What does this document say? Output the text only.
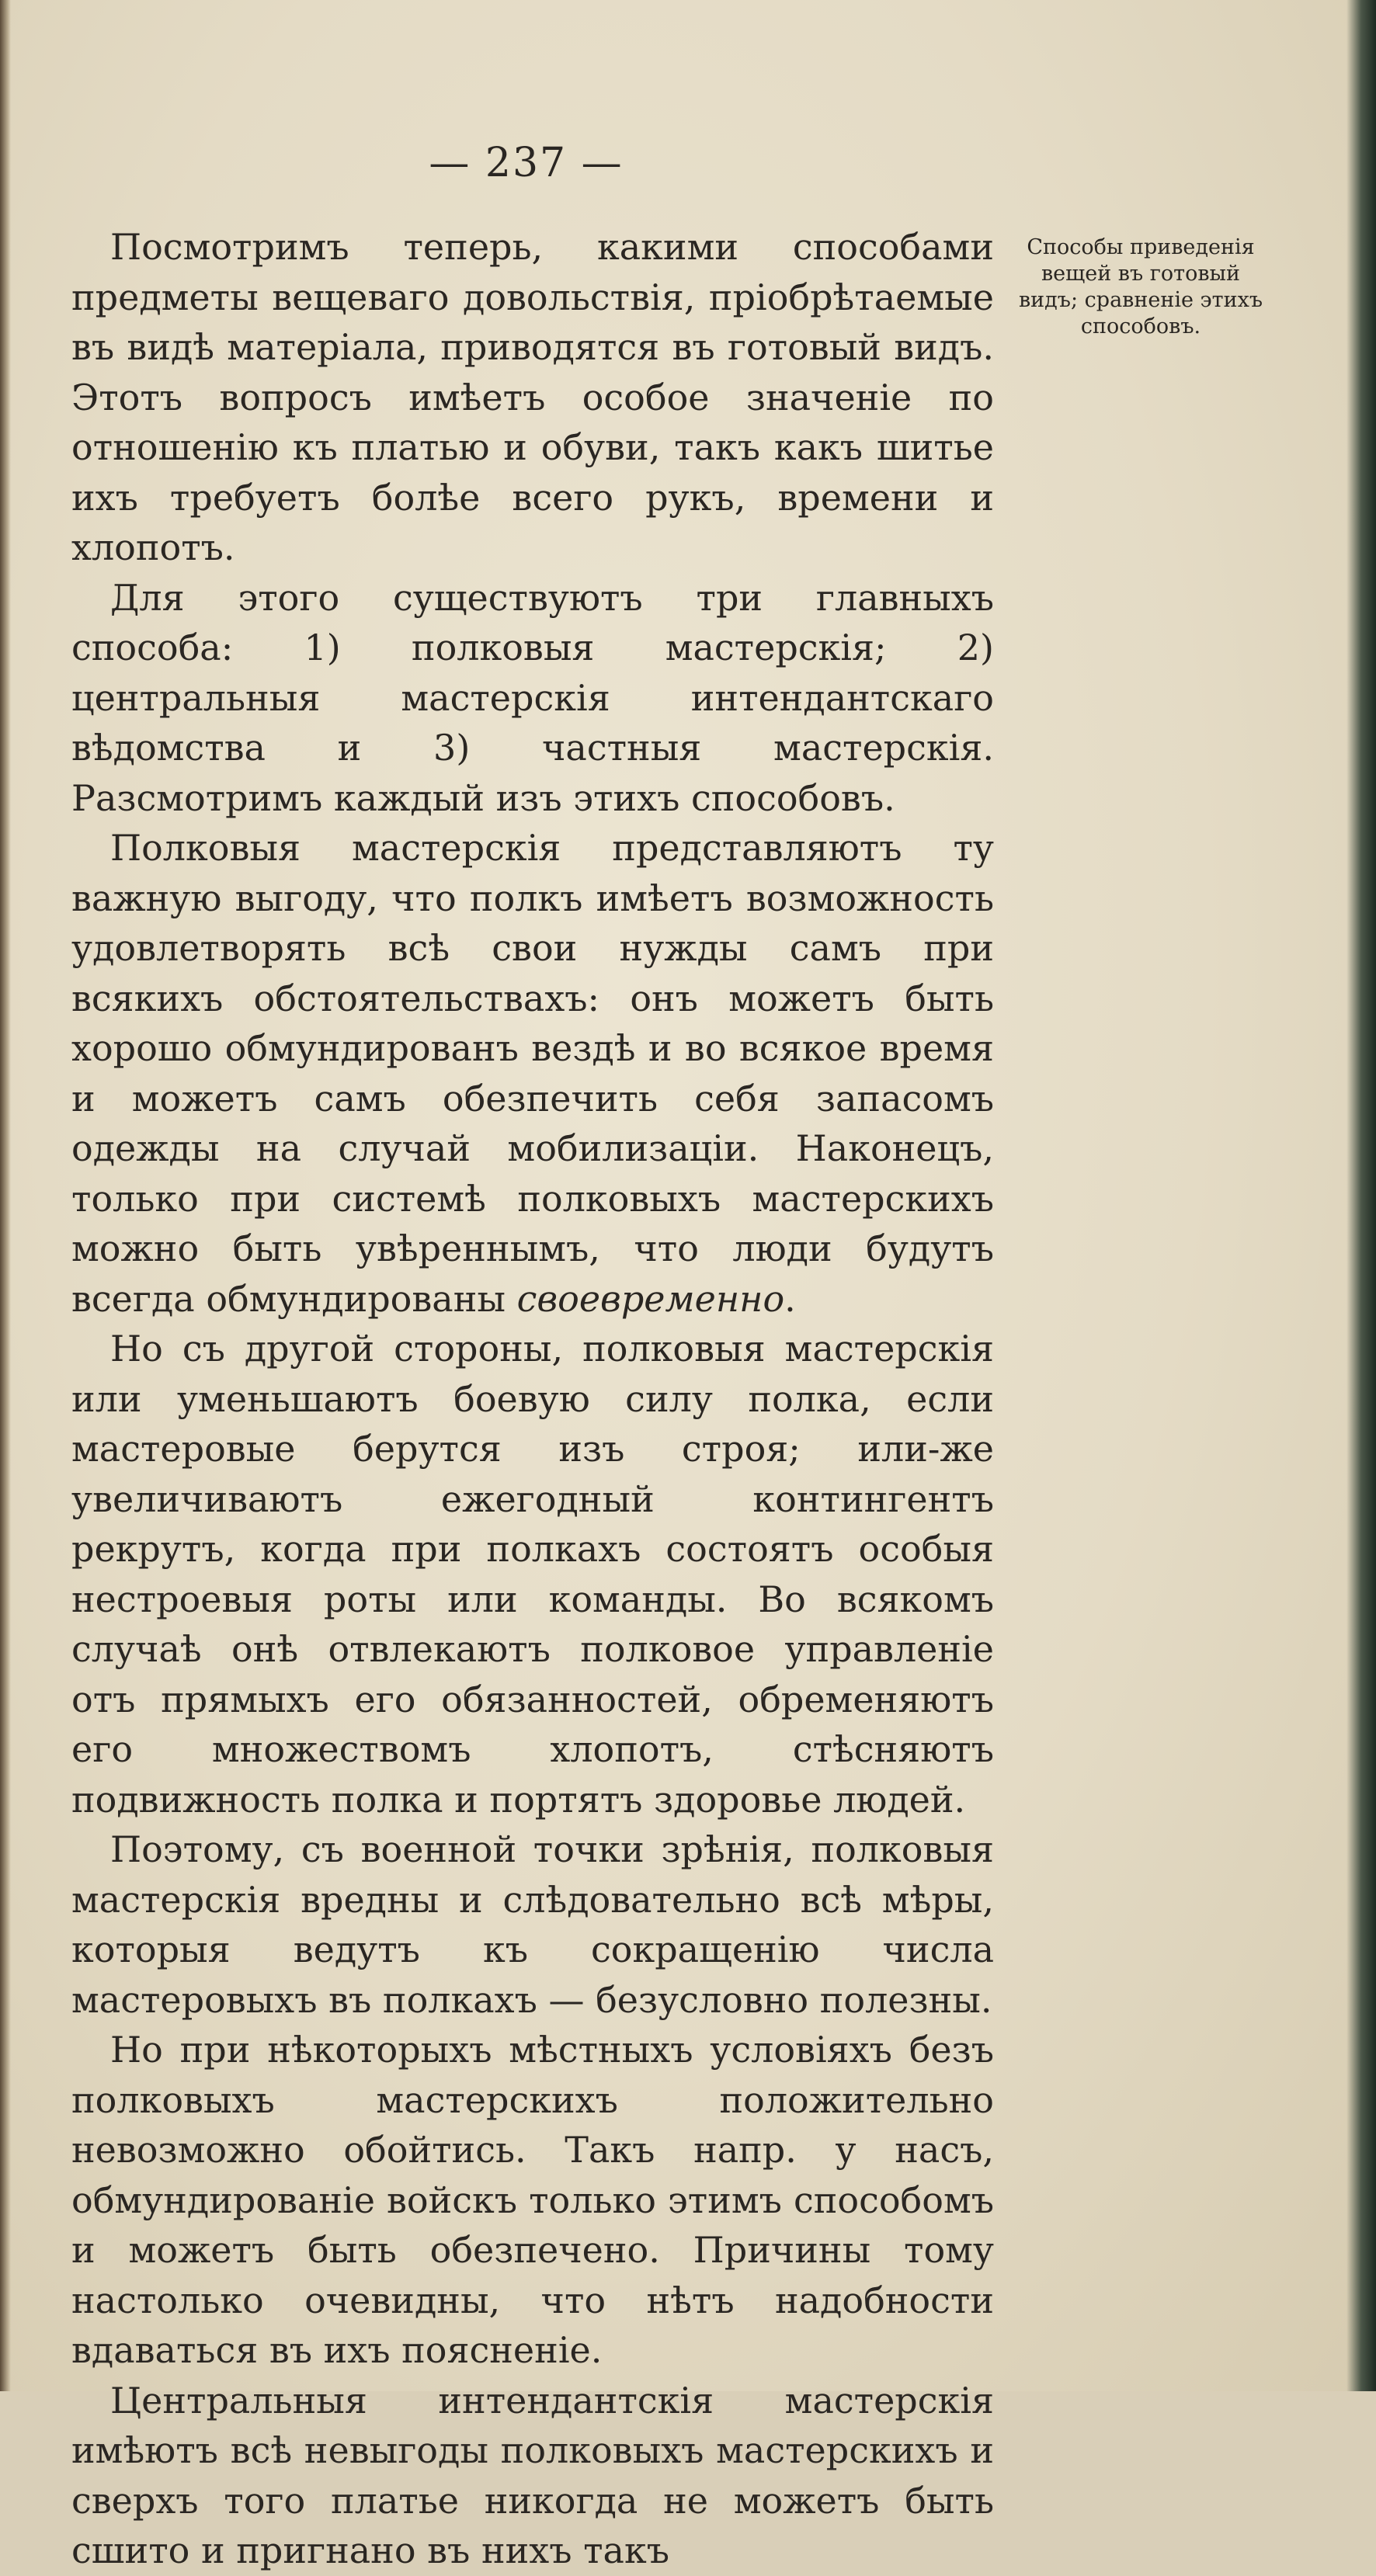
— 237 —
Способы приведенія вещей въ готовый видъ; сравненіе этихъ способовъ.

Посмотримъ теперь, какими способами предметы вещеваго довольствія, пріобрѣтаемые въ видѣ матеріала, приводятся въ готовый видъ. Этотъ вопросъ имѣетъ особое значеніе по отношенію къ платью и обуви, такъ какъ шитье ихъ требуетъ болѣе всего рукъ, времени и хлопотъ.

Для этого существуютъ три главныхъ способа: 1) полковыя мастерскія; 2) центральныя мастерскія интендантскаго вѣдомства и 3) частныя мастерскія. Разсмотримъ каждый изъ этихъ способовъ.

Полковыя мастерскія представляютъ ту важную выгоду, что полкъ имѣетъ возможность удовлетворять всѣ свои нужды самъ при всякихъ обстоятельствахъ: онъ можетъ быть хорошо обмундированъ вездѣ и во всякое время и можетъ самъ обезпечить себя запасомъ одежды на случай мобилизаціи. Наконецъ, только при системѣ полковыхъ мастерскихъ можно быть увѣреннымъ, что люди будутъ всегда обмундированы своевременно.

Но съ другой стороны, полковыя мастерскія или уменьшаютъ боевую силу полка, если мастеровые берутся изъ строя; или-же увеличиваютъ ежегодный контингентъ рекрутъ, когда при полкахъ состоятъ особыя нестроевыя роты или команды. Во всякомъ случаѣ онѣ отвлекаютъ полковое управленіе отъ прямыхъ его обязанностей, обременяютъ его множествомъ хлопотъ, стѣсняютъ подвижность полка и портятъ здоровье людей.

Поэтому, съ военной точки зрѣнія, полковыя мастерскія вредны и слѣдовательно всѣ мѣры, которыя ведутъ къ сокращенію числа мастеровыхъ въ полкахъ — безусловно полезны.

Но при нѣкоторыхъ мѣстныхъ условіяхъ безъ полковыхъ мастерскихъ положительно невозможно обойтись. Такъ напр. у насъ, обмундированіе войскъ только этимъ способомъ и можетъ быть обезпечено. Причины тому настолько очевидны, что нѣтъ надобности вдаваться въ ихъ поясненіе.

Центральныя интендантскія мастерскія имѣютъ всѣ невыгоды полковыхъ мастерскихъ и сверхъ того платье никогда не можетъ быть сшито и пригнано въ нихъ такъ
